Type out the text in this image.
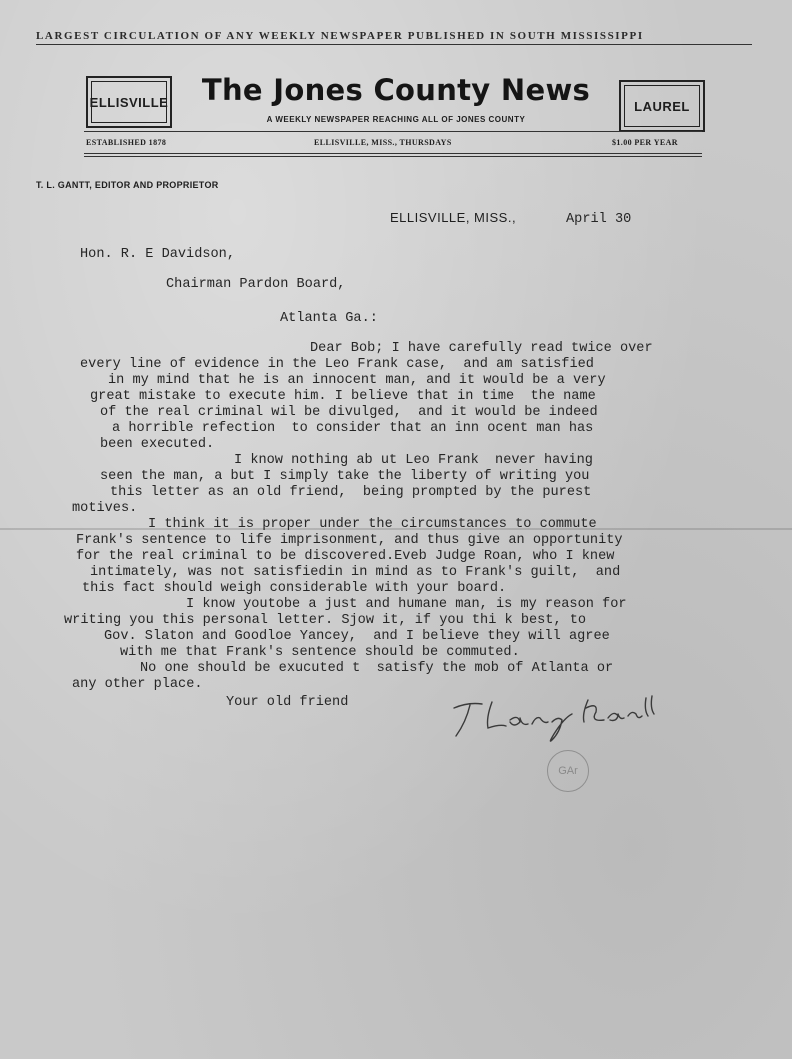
LARGEST CIRCULATION OF ANY WEEKLY NEWSPAPER PUBLISHED IN SOUTH MISSISSIPPI
ELLISVILLE	The Jones County News
A WEEKLY NEWSPAPER REACHING ALL OF JONES COUNTY
LAUREL
ESTABLISHED 1878	ELLISVILLE, MISS., THURSDAYS	$1.00 PER YEAR
T. L. GANTT, EDITOR AND PROPRIETOR
ELLISVILLE, MISS.,	April 30
Hon. R. E Davidson,
Chairman Pardon Board,
Atlanta Ga.:
Dear Bob; I have carefully read twice over
every line of evidence in the Leo Frank case,  and am satisfied
in my mind that he is an innocent man, and it would be a very
great mistake to execute him. I believe that in time  the name
of the real criminal wil be divulged,  and it would be indeed
a horrible refection  to consider that an inn ocent man has
been executed.
I know nothing ab ut Leo Frank  never having
seen the man, a but I simply take the liberty of writing you
this letter as an old friend,  being prompted by the purest
motives.
I think it is proper under the circumstances to commute
Frank's sentence to life imprisonment, and thus give an opportunity
for the real criminal to be discovered.Eveb Judge Roan, who I knew
intimately, was not satisfiedin in mind as to Frank's guilt,  and
this fact should weigh considerable with your board.
I know youtobe a just and humane man, is my reason for
writing you this personal letter. Sjow it, if you thi k best, to
Gov. Slaton and Goodloe Yancey,  and I believe they will agree
with me that Frank's sentence should be commuted.
No one should be exucuted t  satisfy the mob of Atlanta or
any other place.
Your old friend
GAr
